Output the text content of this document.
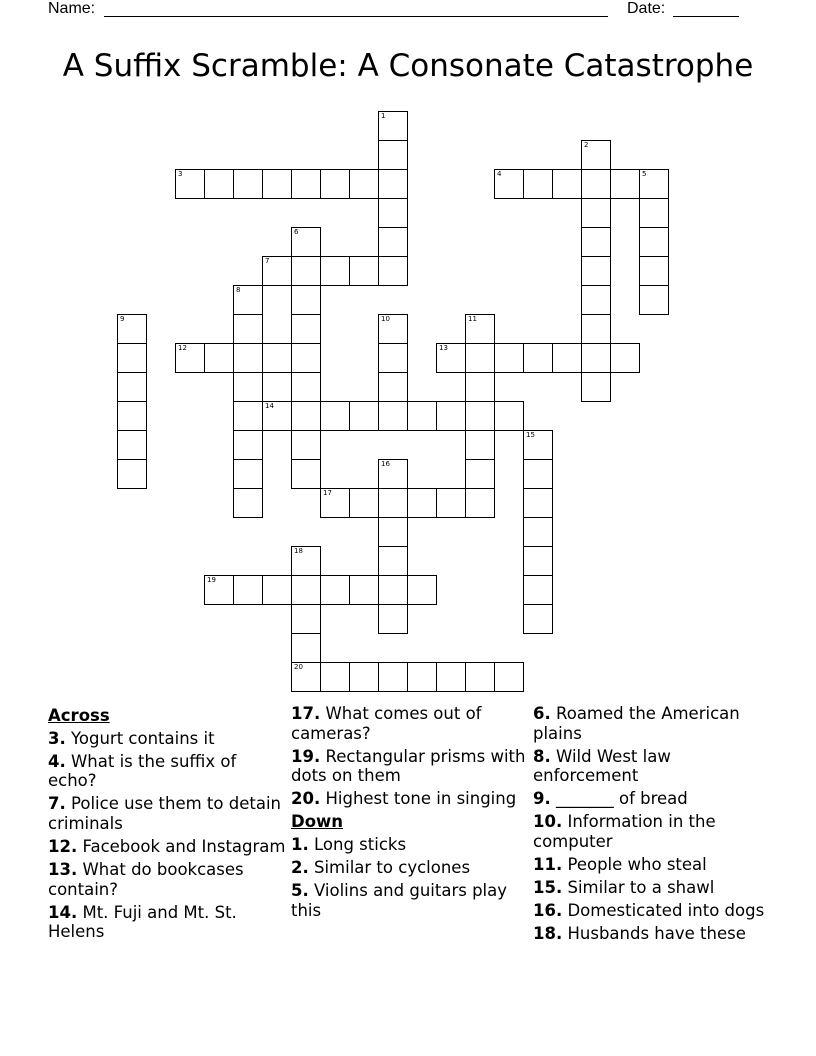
Name:	Date:
A Suffix Scramble: A Consonate Catastrophe
1
2
3	4	5
6
7
8
9	10	11
12	13
14
15
16
17
18
20
19
Across
3. Yogurt contains it
4. What is the suffix of echo?
7. Police use them to detain criminals
12. Facebook and Instagram
13. What do bookcases contain?
14. Mt. Fuji and Mt. St. Helens
17. What comes out of cameras?
19. Rectangular prisms with dots on them
20. Highest tone in singing
Down
1. Long sticks
2. Similar to cyclones
5. Violins and guitars play this
6. Roamed the American plains
8. Wild West law enforcement
9. _______ of bread
10. Information in the computer
11. People who steal
15. Similar to a shawl
16. Domesticated into dogs
18. Husbands have these
